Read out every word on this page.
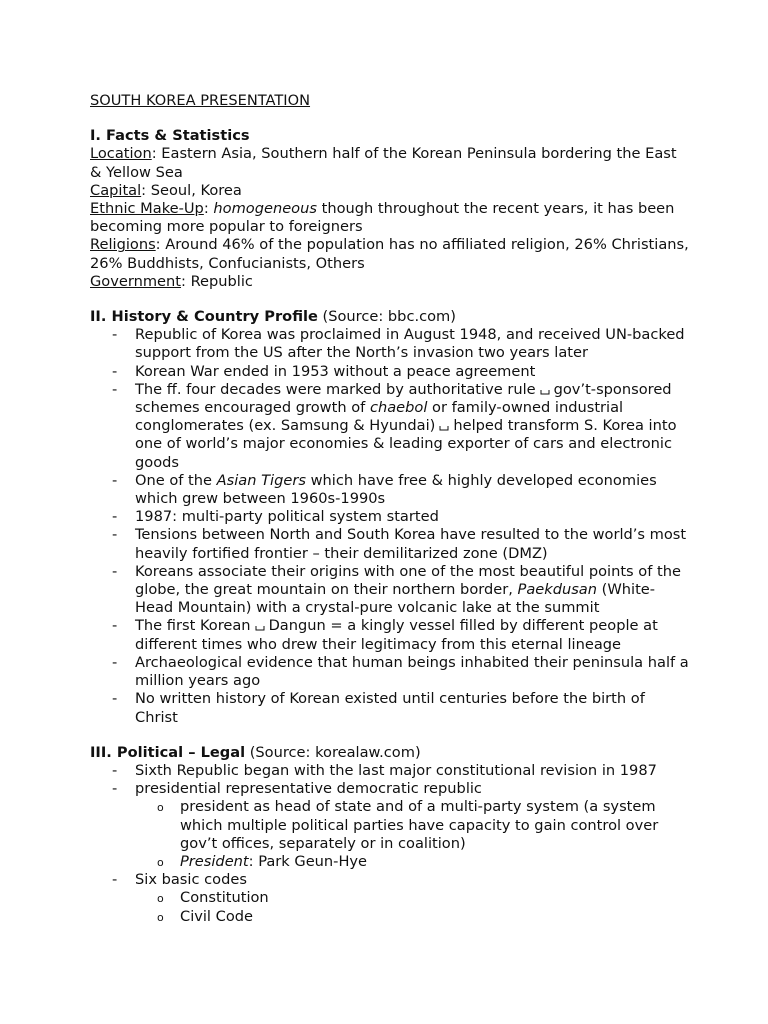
SOUTH KOREA PRESENTATION

I. Facts & Statistics

Location: Eastern Asia, Southern half of the Korean Peninsula bordering the East & Yellow Sea

Capital: Seoul, Korea

Ethnic Make-Up: homogeneous though throughout the recent years, it has been becoming more popular to foreigners

Religions: Around 46% of the population has no affiliated religion, 26% Christians, 26% Buddhists, Confucianists, Others

Government: Republic

II. History & Country Profile (Source: bbc.com)

- Republic of Korea was proclaimed in August 1948, and received UN-backed support from the US after the North’s invasion two years later
- Korean War ended in 1953 without a peace agreement
- The ff. four decades were marked by authoritative rule gov’t-sponsored schemes encouraged growth of chaebol or family-owned industrial conglomerates (ex. Samsung & Hyundai) helped transform S. Korea into one of world’s major economies & leading exporter of cars and electronic goods
- One of the Asian Tigers which have free & highly developed economies which grew between 1960s-1990s
- 1987: multi-party political system started
- Tensions between North and South Korea have resulted to the world’s most heavily fortified frontier – their demilitarized zone (DMZ)
- Koreans associate their origins with one of the most beautiful points of the globe, the great mountain on their northern border, Paekdusan (White-Head Mountain) with a crystal-pure volcanic lake at the summit
- The first Korean Dangun = a kingly vessel filled by different people at different times who drew their legitimacy from this eternal lineage
- Archaeological evidence that human beings inhabited their peninsula half a million years ago
- No written history of Korean existed until centuries before the birth of Christ

III. Political – Legal (Source: korealaw.com)

- Sixth Republic began with the last major constitutional revision in 1987
- presidential representative democratic republic
o president as head of state and of a multi-party system (a system which multiple political parties have capacity to gain control over gov’t offices, separately or in coalition)
o President: Park Geun-Hye
- Six basic codes
o Constitution
o Civil Code
